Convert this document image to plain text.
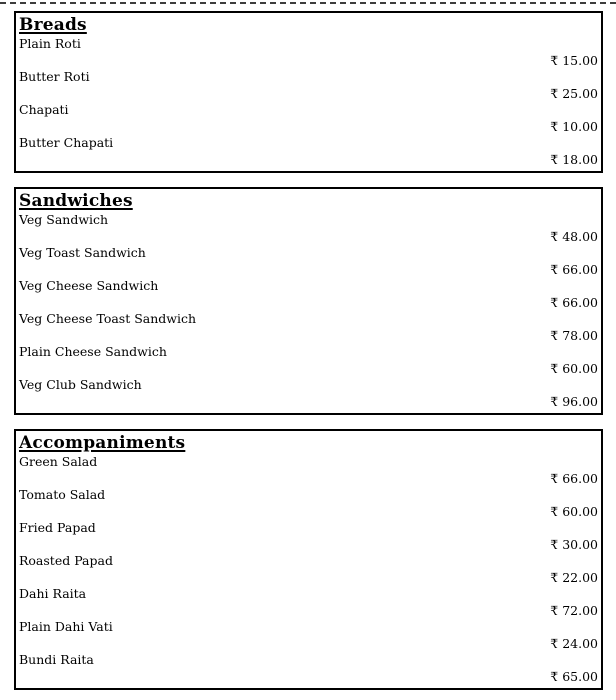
Breads
Plain Roti
₹ 15.00
Butter Roti
₹ 25.00
Chapati
₹ 10.00
Butter Chapati
₹ 18.00
Sandwiches
Veg Sandwich
₹ 48.00
Veg Toast Sandwich
₹ 66.00
Veg Cheese Sandwich
₹ 66.00
Veg Cheese Toast Sandwich
₹ 78.00
Plain Cheese Sandwich
₹ 60.00
Veg Club Sandwich
₹ 96.00
Accompaniments
Green Salad
₹ 66.00
Tomato Salad
₹ 60.00
Fried Papad
₹ 30.00
Roasted Papad
₹ 22.00
Dahi Raita
₹ 72.00
Plain Dahi Vati
₹ 24.00
Bundi Raita
₹ 65.00
